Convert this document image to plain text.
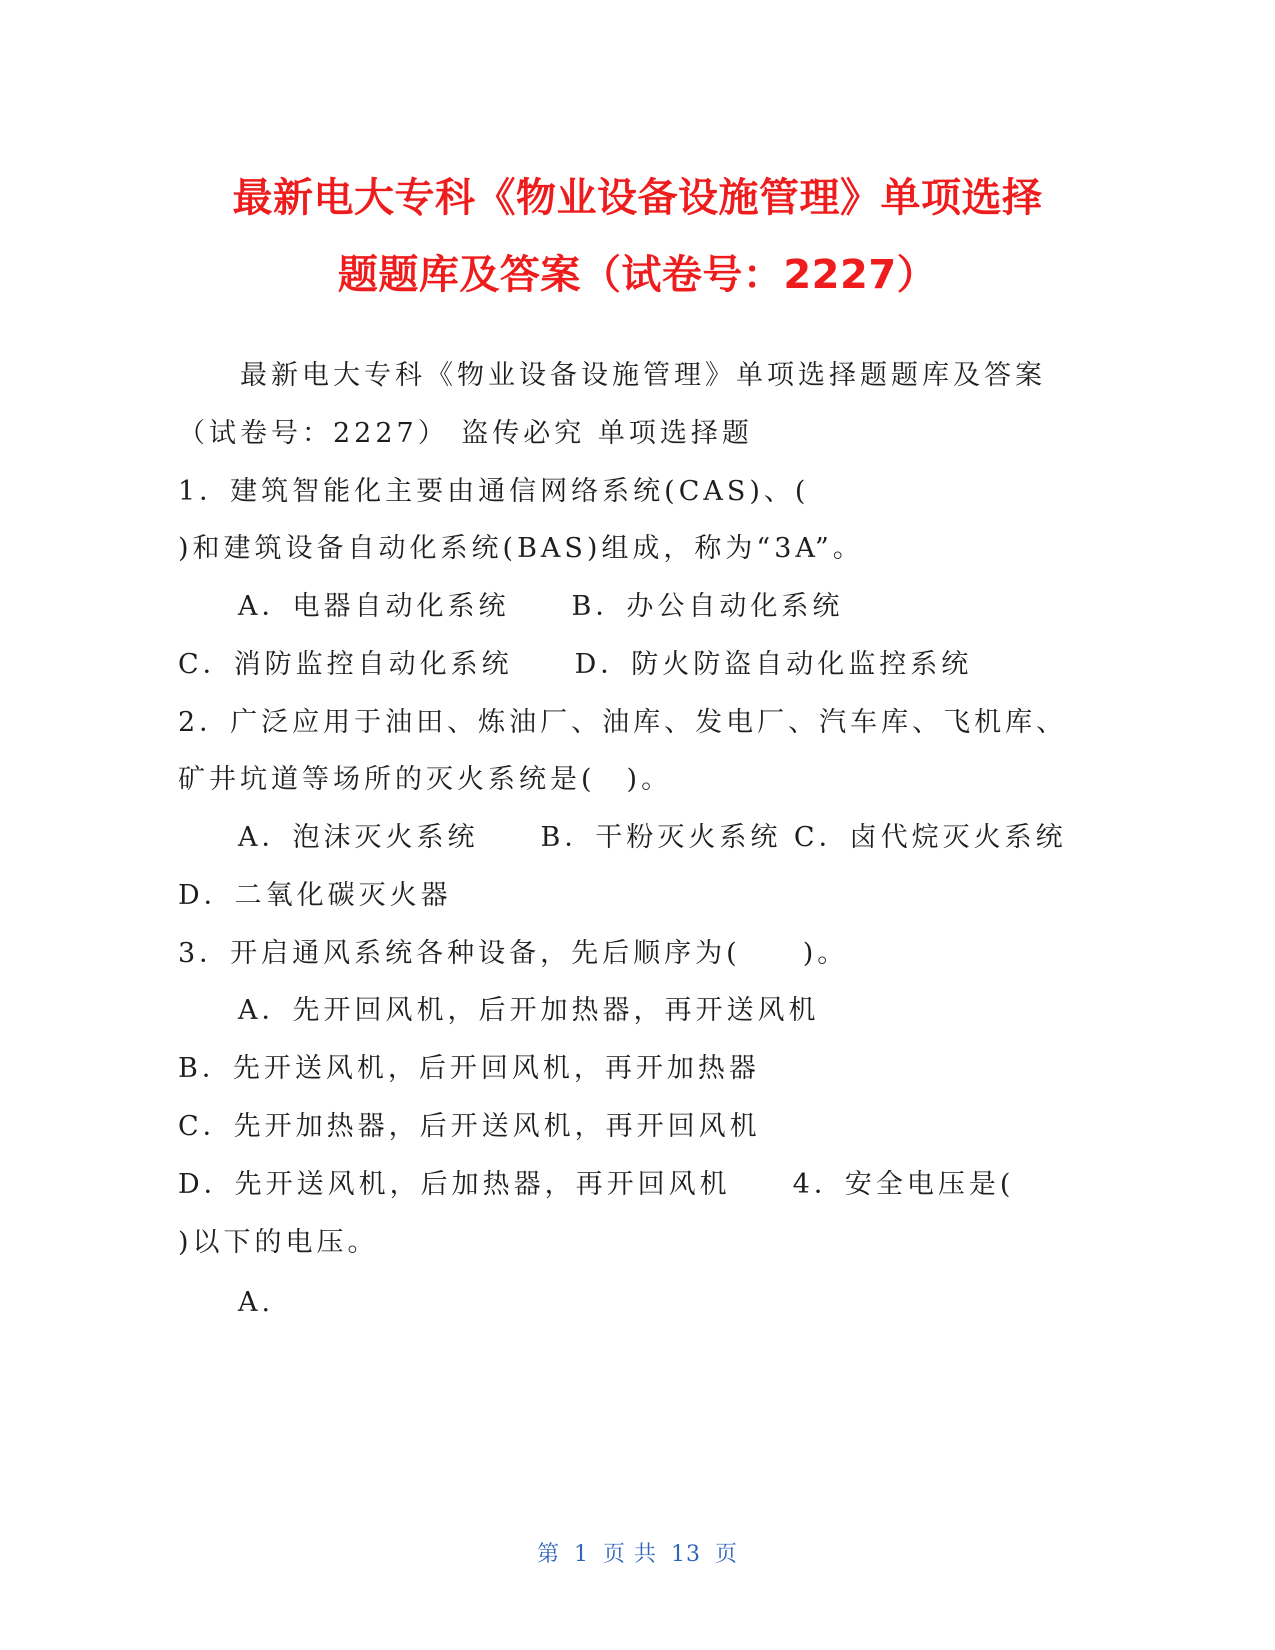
最新电大专科《物业设备设施管理》单项选择
题题库及答案（试卷号：2227）
最新电大专科《物业设备设施管理》单项选择题题库及答案
（试卷号：2227） 盗传必究 单项选择题
1．建筑智能化主要由通信网络系统(CAS)、(
)和建筑设备自动化系统(BAS)组成，称为“3A”。
A．电器自动化系统　　B．办公自动化系统
C．消防监控自动化系统　　D．防火防盗自动化监控系统
2．广泛应用于油田、炼油厂、油库、发电厂、汽车库、飞机库、
矿井坑道等场所的灭火系统是(　)。
A．泡沫灭火系统　　B．干粉灭火系统 C．卤代烷灭火系统
D．二氧化碳灭火器
3．开启通风系统各种设备，先后顺序为(　　)。
A．先开回风机，后开加热器，再开送风机
B．先开送风机，后开回风机，再开加热器
C．先开加热器，后开送风机，再开回风机
D．先开送风机，后加热器，再开回风机　　4．安全电压是(
)以下的电压。
A.
第 1 页 共 13 页
